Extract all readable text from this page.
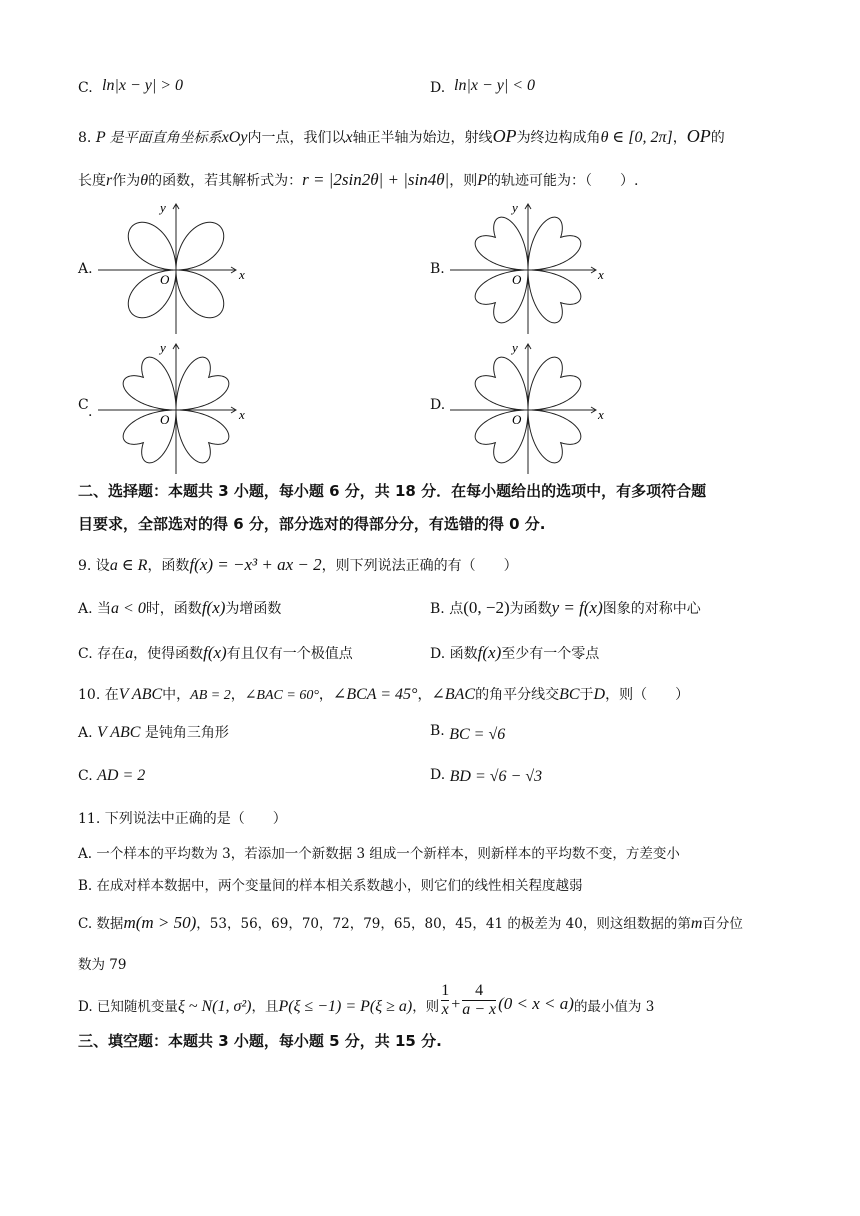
C. ln|x − y| > 0	D. ln|x − y| < 0
8. P 是平面直角坐标系xOy内一点，我们以x轴正半轴为始边，射线OP为终边构成角θ ∈ [0, 2π]，OP的
长度r作为θ的函数，若其解析式为：r = |2sin2θ| + |sin4θ|，则P的轨迹可能为：（　　）.
A.	B.
C .	D.
x
y
O	x
y
O
x
y
O	x
y
O
二、选择题：本题共 3 小题，每小题 6 分，共 18 分．在每小题给出的选项中，有多项符合题
目要求，全部选对的得 6 分，部分选对的得部分分，有选错的得 0 分.
9. 设a ∈ R，函数f(x) = −x³ + ax − 2，则下列说法正确的有（　　）
A. 当a < 0时，函数f(x)为增函数	B. 点(0, −2)为函数y = f(x)图象的对称中心
C. 存在a，使得函数f(x)有且仅有一个极值点	D. 函数f(x)至少有一个零点
10. 在V ABC中，AB = 2，∠BAC = 60°，∠BCA = 45°，∠BAC的角平分线交BC于D，则（　　）
A. V ABC 是钝角三角形	B. BC = √6
C. AD = 2	D. BD = √6 − √3
11. 下列说法中正确的是（　　）
A. 一个样本的平均数为 3，若添加一个新数据 3 组成一个新样本，则新样本的平均数不变，方差变小
B. 在成对样本数据中，两个变量间的样本相关系数越小，则它们的线性相关程度越弱
C. 数据m(m > 50)，53，56，69，70，72，79，65，80，45，41 的极差为 40，则这组数据的第m百分位
数为 79
D. 已知随机变量ξ ~ N(1, σ²)，且P(ξ ≤ −1) = P(ξ ≥ a)，则 $\frac{1}{x} + \frac{4}{a - x} (0 < x < a)$的最小值为 3
三、填空题：本题共 3 小题，每小题 5 分，共 15 分.
